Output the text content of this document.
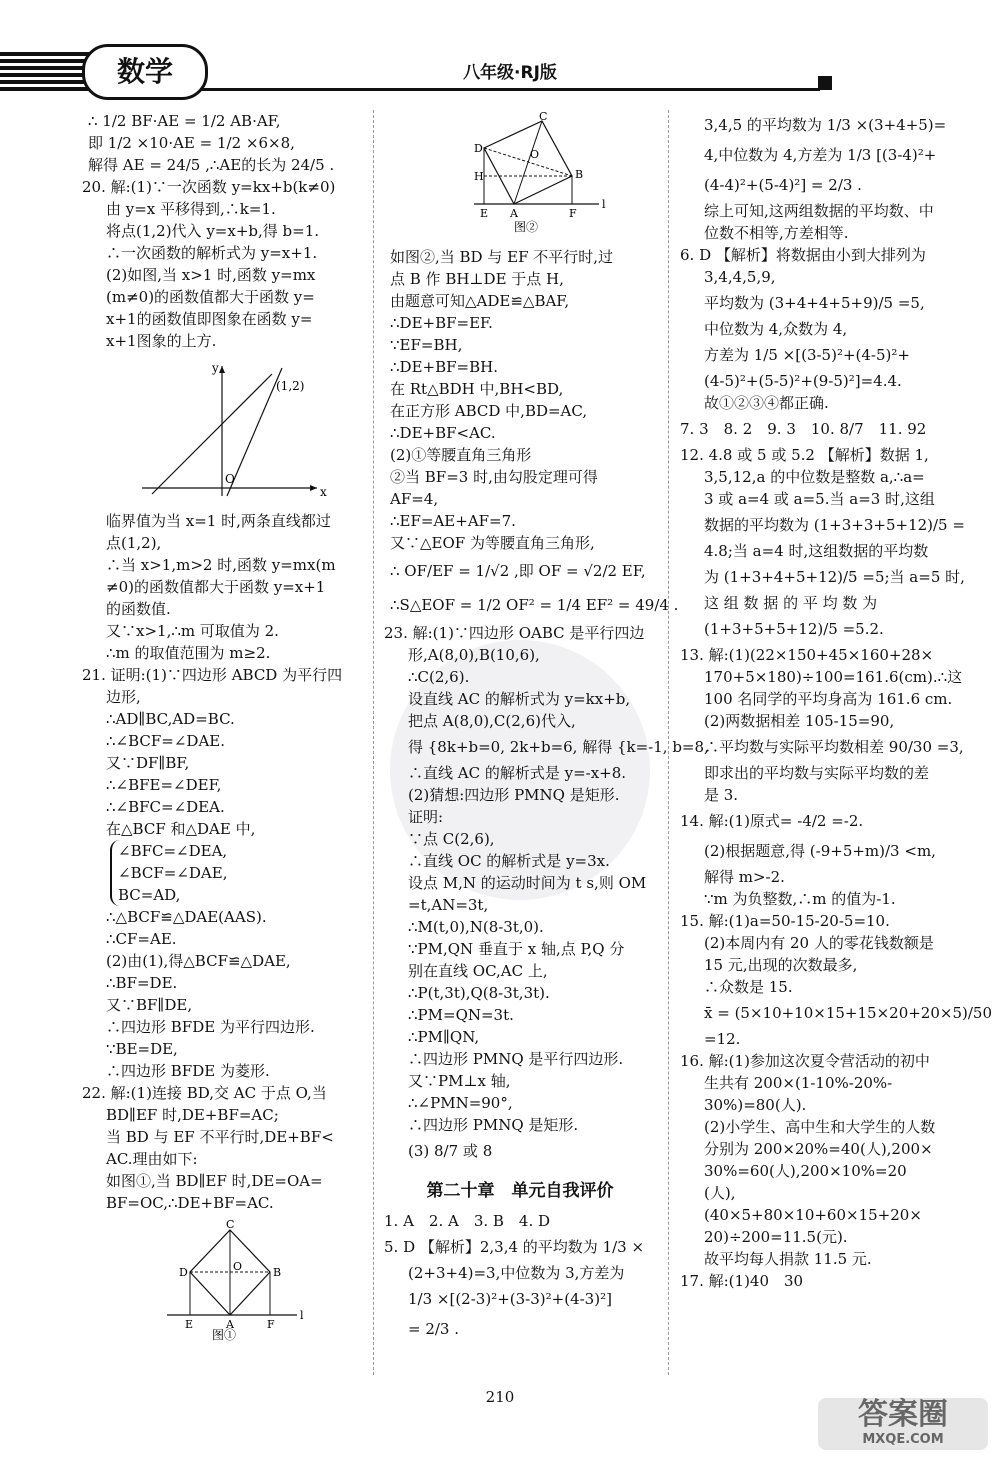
数学	八年级·RJ版

∴ 1/2 BF·AE = 1/2 AB·AF,

即 1/2 ×10·AE = 1/2 ×6×8,

解得 AE = 24/5 ,∴AE的长为 24/5 .

20. 解:(1)∵一次函数 y=kx+b(k≠0)

由 y=x 平移得到,∴k=1.

将点(1,2)代入 y=x+b,得 b=1.

∴一次函数的解析式为 y=x+1.

(2)如图,当 x>1 时,函数 y=mx

(m≠0)的函数值都大于函数 y=

x+1的函数值即图象在函数 y=

x+1图象的上方.

y
x
O
(1,2)

临界值为当 x=1 时,两条直线都过

点(1,2),

∴当 x>1,m>2 时,函数 y=mx(m

≠0)的函数值都大于函数 y=x+1

的函数值.

又∵x>1,∴m 可取值为 2.

∴m 的取值范围为 m≥2.

21. 证明:(1)∵四边形 ABCD 为平行四

边形,

∴AD∥BC,AD=BC.

∴∠BCF=∠DAE.

又∵DF∥BF,

∴∠BFE=∠DEF,

∴∠BFC=∠DEA.

在△BCF 和△DAE 中,

∠BFC=∠DEA,

∠BCF=∠DAE,

BC=AD,

∴△BCF≌△DAE(AAS).

∴CF=AE.

(2)由(1),得△BCF≌△DAE,

∴BF=DE.

又∵BF∥DE,

∴四边形 BFDE 为平行四边形.

∵BE=DE,

∴四边形 BFDE 为菱形.

22. 解:(1)连接 BD,交 AC 于点 O,当

BD∥EF 时,DE+BF=AC;

当 BD 与 EF 不平行时,DE+BF<

AC.理由如下:

如图①,当 BD∥EF 时,DE=OA=

BF=OC,∴DE+BF=AC.

C
D	O	B
E	A	F
l
图①
C
D	O
B
H
E A	F
l
图②

如图②,当 BD 与 EF 不平行时,过

点 B 作 BH⊥DE 于点 H,

由题意可知△ADE≌△BAF,

∴DE+BF=EF.

∵EF=BH,

∴DE+BF=BH.

在 Rt△BDH 中,BH<BD,

在正方形 ABCD 中,BD=AC,

∴DE+BF<AC.

(2)①等腰直角三角形

②当 BF=3 时,由勾股定理可得

AF=4,

∴EF=AE+AF=7.

又∵△EOF 为等腰直角三角形,

∴ OF/EF = 1/√2 ,即 OF = √2/2 EF,

∴S△EOF = 1/2 OF² = 1/4 EF² = 49/4 .

23. 解:(1)∵四边形 OABC 是平行四边

形,A(8,0),B(10,6),

∴C(2,6).

设直线 AC 的解析式为 y=kx+b,

把点 A(8,0),C(2,6)代入,

得 {8k+b=0, 2k+b=6, 解得 {k=-1, b=8,

∴直线 AC 的解析式是 y=-x+8.

(2)猜想:四边形 PMNQ 是矩形.

证明:

∵点 C(2,6),

∴直线 OC 的解析式是 y=3x.

设点 M,N 的运动时间为 t s,则 OM

=t,AN=3t,

∴M(t,0),N(8-3t,0).

∵PM,QN 垂直于 x 轴,点 P,Q 分

别在直线 OC,AC 上,

∴P(t,3t),Q(8-3t,3t).

∴PM=QN=3t.

∴PM∥QN,

∴四边形 PMNQ 是平行四边形.

又∵PM⊥x 轴,

∴∠PMN=90°,

∴四边形 PMNQ 是矩形.

(3) 8/7 或 8

第二十章　单元自我评价

1. A　2. A　3. B　4. D

5. D 【解析】2,3,4 的平均数为 1/3 ×

(2+3+4)=3,中位数为 3,方差为

1/3 ×[(2-3)²+(3-3)²+(4-3)²]

= 2/3 .

3,4,5 的平均数为 1/3 ×(3+4+5)=

4,中位数为 4,方差为 1/3 [(3-4)²+

(4-4)²+(5-4)²] = 2/3 .

综上可知,这两组数据的平均数、中

位数不相等,方差相等.

6. D 【解析】将数据由小到大排列为

3,4,4,5,9,

平均数为 (3+4+4+5+9)/5 =5,

中位数为 4,众数为 4,

方差为 1/5 ×[(3-5)²+(4-5)²+

(4-5)²+(5-5)²+(9-5)²]=4.4.

故①②③④都正确.

7. 3　8. 2　9. 3　10. 8/7　11. 92

12. 4.8 或 5 或 5.2 【解析】数据 1,

3,5,12,a 的中位数是整数 a,∴a=

3 或 a=4 或 a=5.当 a=3 时,这组

数据的平均数为 (1+3+3+5+12)/5 =

4.8;当 a=4 时,这组数据的平均数

为 (1+3+4+5+12)/5 =5;当 a=5 时,

这 组 数 据 的 平 均 数 为

(1+3+5+5+12)/5 =5.2.

13. 解:(1)(22×150+45×160+28×

170+5×180)÷100=161.6(cm).∴这

100 名同学的平均身高为 161.6 cm.

(2)两数据相差 105-15=90,

∴平均数与实际平均数相差 90/30 =3,

即求出的平均数与实际平均数的差

是 3.

14. 解:(1)原式= -4/2 =-2.

(2)根据题意,得 (-9+5+m)/3 <m,

解得 m>-2.

∵m 为负整数,∴m 的值为-1.

15. 解:(1)a=50-15-20-5=10.

(2)本周内有 20 人的零花钱数额是

15 元,出现的次数最多,

∴众数是 15.

x̄ = (5×10+10×15+15×20+20×5)/50

=12.

16. 解:(1)参加这次夏令营活动的初中

生共有 200×(1-10%-20%-

30%)=80(人).

(2)小学生、高中生和大学生的人数

分别为 200×20%=40(人),200×

30%=60(人),200×10%=20

(人),

(40×5+80×10+60×15+20×

20)÷200=11.5(元).

故平均每人捐款 11.5 元.

17. 解:(1)40　30

210	答案圈
MXQE.COM
